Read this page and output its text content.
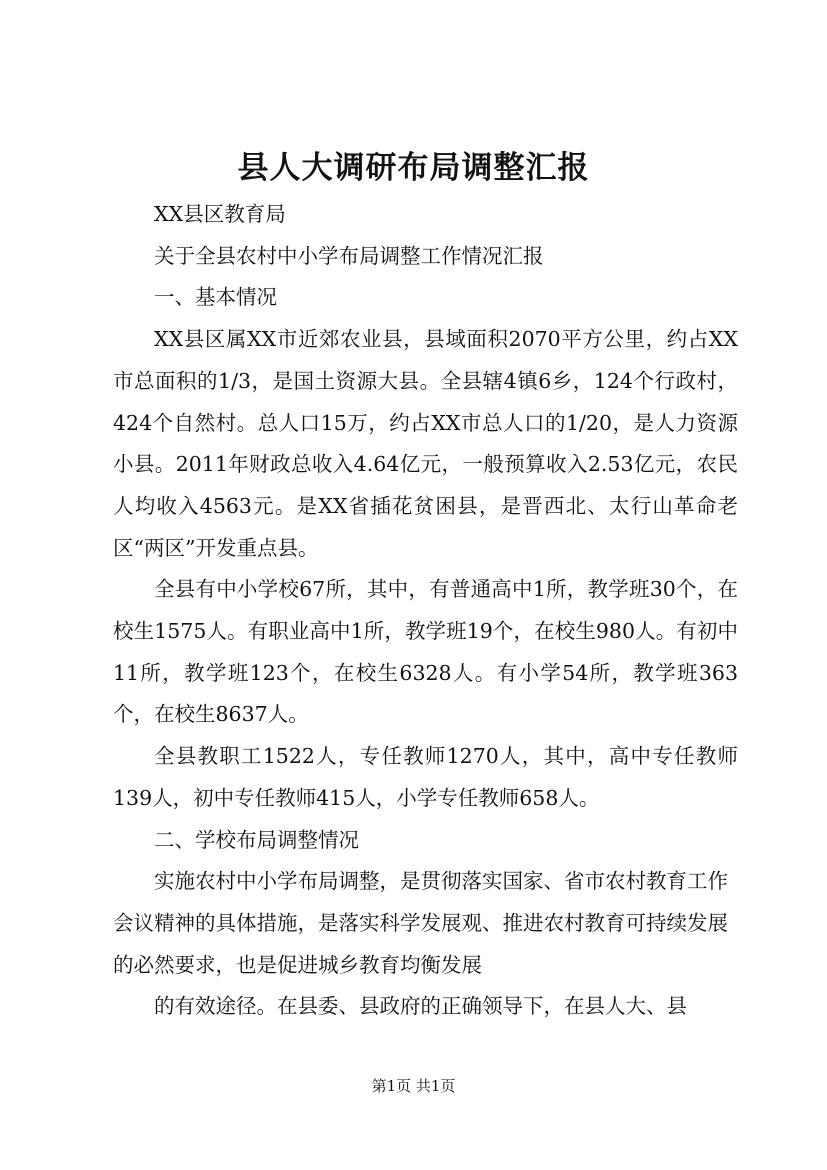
县人大调研布局调整汇报

XX县区教育局

关于全县农村中小学布局调整工作情况汇报

一、基本情况

XX县区属XX市近郊农业县，县域面积2070平方公里，约占XX市总面积的1/3，是国土资源大县。全县辖4镇6乡，124个行政村，424个自然村。总人口15万，约占XX市总人口的1/20，是人力资源小县。2011年财政总收入4.64亿元，一般预算收入2.53亿元，农民人均收入4563元。是XX省插花贫困县，是晋西北、太行山革命老区“两区”开发重点县。

全县有中小学校67所，其中，有普通高中1所，教学班30个，在校生1575人。有职业高中1所，教学班19个，在校生980人。有初中11所，教学班123个，在校生6328人。有小学54所，教学班363个，在校生8637人。

全县教职工1522人，专任教师1270人，其中，高中专任教师139人，初中专任教师415人，小学专任教师658人。

二、学校布局调整情况

实施农村中小学布局调整，是贯彻落实国家、省市农村教育工作会议精神的具体措施，是落实科学发展观、推进农村教育可持续发展的必然要求，也是促进城乡教育均衡发展

的有效途径。在县委、县政府的正确领导下，在县人大、县

第1页 共1页
